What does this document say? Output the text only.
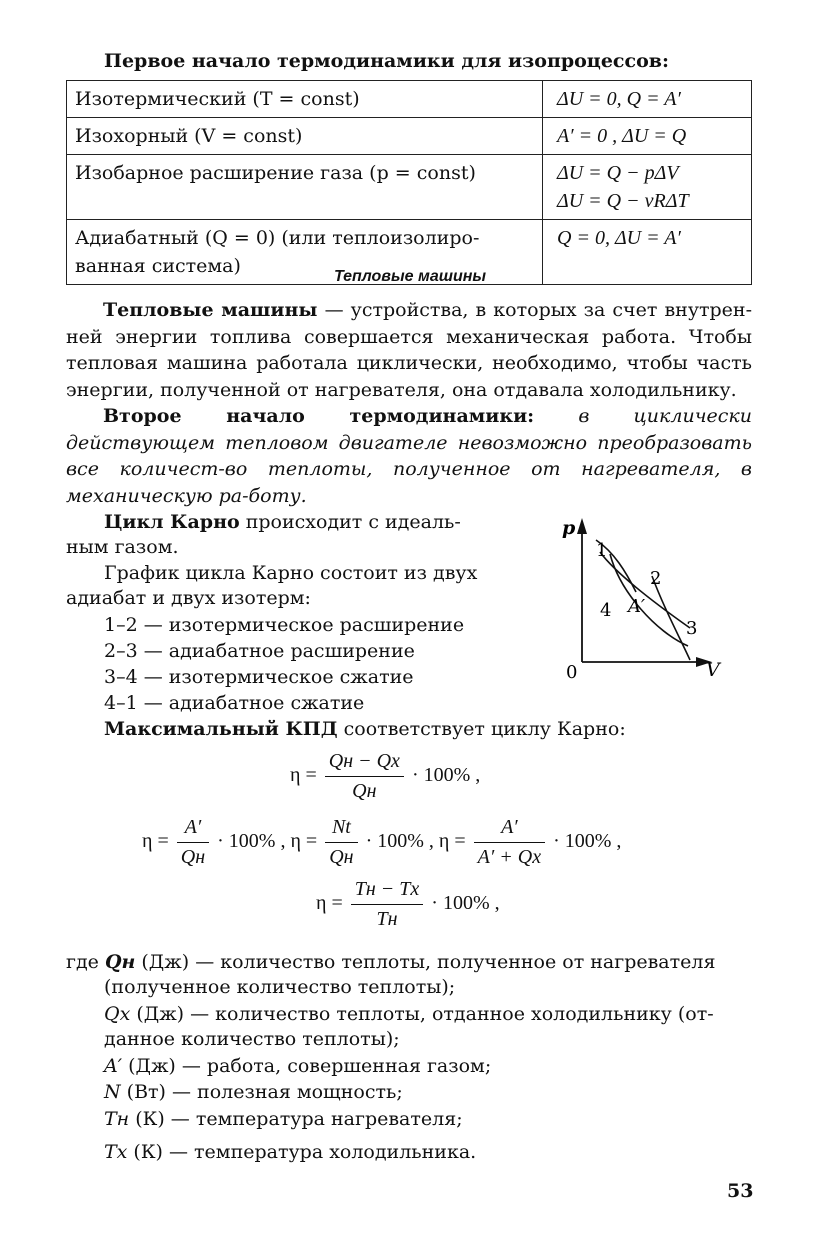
Первое начало термодинамики для изопроцессов:
Изотермический (T = const)	ΔU = 0, Q = A′
Изохорный (V = const)	A′ = 0 , ΔU = Q
Изобарное расширение газа (p = const)	ΔU = Q − pΔV
ΔU = Q − νRΔT

Адиабатный (Q = 0) (или теплоизолиро-ванная система)	Q = 0, ΔU = A′
Тепловые машины
Тепловые машины — устройства, в которых за счет внутрен-ней энергии топлива совершается механическая работа. Чтобы тепловая машина работала циклически, необходимо, чтобы часть энергии, полученной от нагревателя, она отдавала холодильнику.
Второе начало термодинамики: в циклически действующем тепловом двигателе невозможно преобразовать все количест-во теплоты, полученное от нагревателя, в механическую ра-боту.
Цикл Карно происходит с идеаль-
ным газом.
График цикла Карно состоит из двух
адиабат и двух изотерм:
1–2 — изотермическое расширение
2–3 — адиабатное расширение
3–4 — изотермическое сжатие
4–1 — адиабатное сжатие
p
V
0
1
2
3
4 A′
Максимальный КПД соответствует циклу Карно:
$\eta = \frac{Qн - Qх}{Qн} \cdot 100\%$ ,
$\eta = \frac{A'}{Qн} \cdot 100\%$ , $\eta = \frac{Nt}{Qн} \cdot 100\%$ , $\eta = \frac{A'}{A' + Qх} \cdot 100\%$ ,
$\eta = \frac{Tн - Tх}{Tн} \cdot 100\%$ ,
где Qн (Дж) — количество теплоты, полученное от нагревателя
(полученное количество теплоты);
Qх (Дж) — количество теплоты, отданное холодильнику (от-
данное количество теплоты);
A′ (Дж) — работа, совершенная газом;
N (Вт) — полезная мощность;
Tн (К) — температура нагревателя;
Tх (К) — температура холодильника.
53
